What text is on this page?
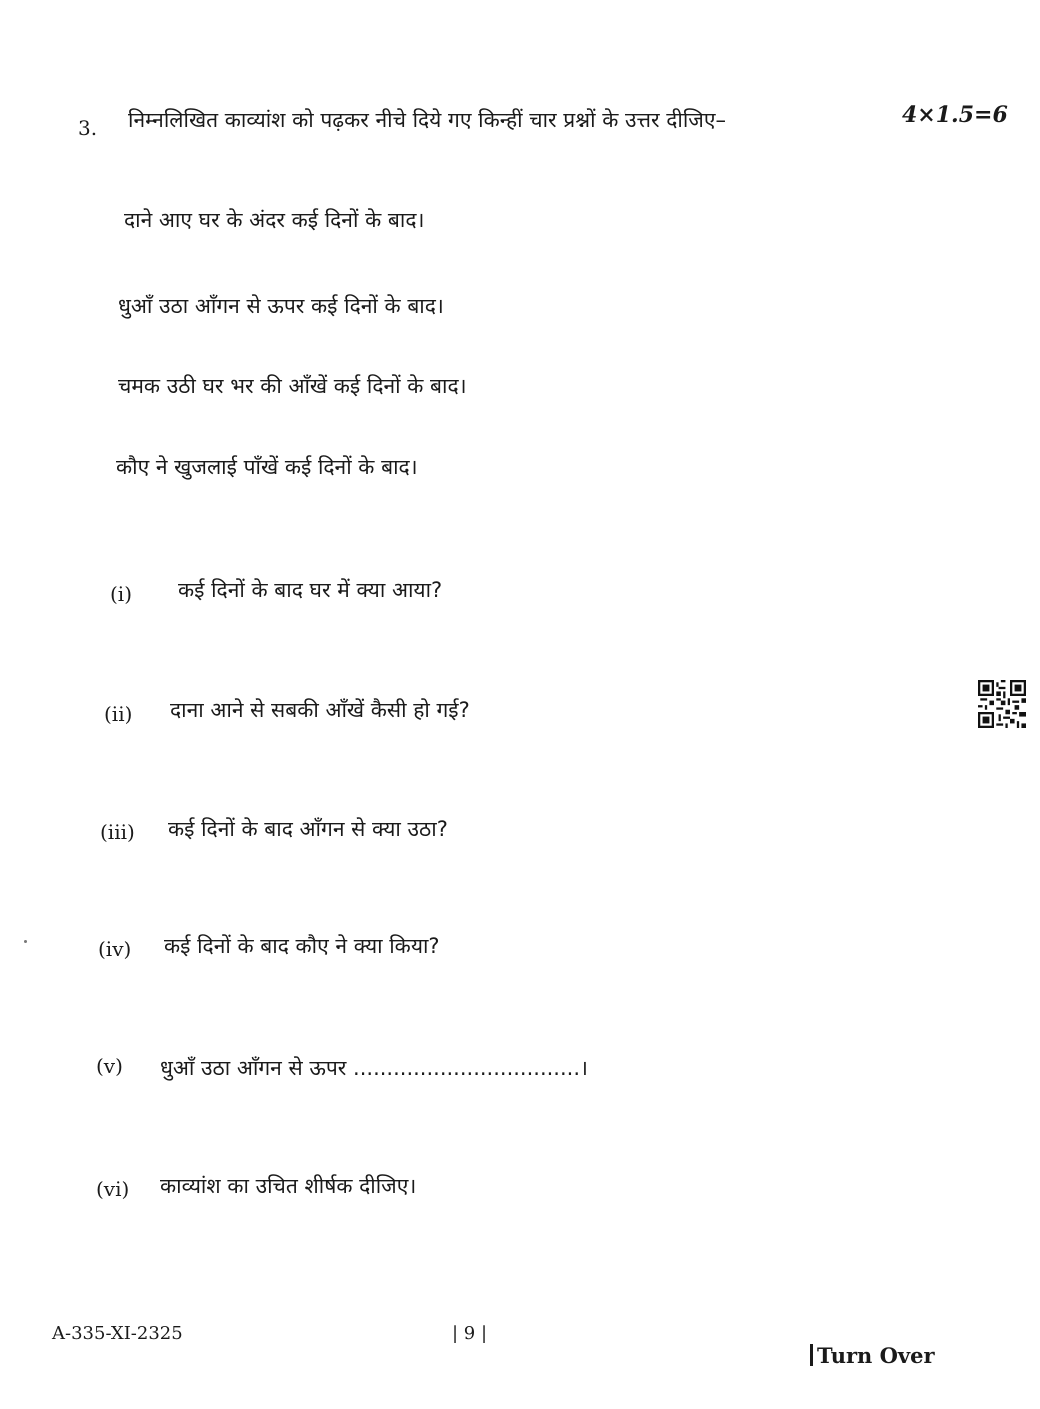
3. निम्नलिखित काव्यांश को पढ़कर नीचे दिये गए किन्हीं चार प्रश्नों के उत्तर दीजिए–	4×1.5=6
दाने आए घर के अंदर कई दिनों के बाद।
धुआँ उठा आँगन से ऊपर कई दिनों के बाद।
चमक उठी घर भर की आँखें कई दिनों के बाद।
कौए ने खुजलाई पाँखें कई दिनों के बाद।
(i) कई दिनों के बाद घर में क्या आया?
(ii) दाना आने से सबकी आँखें कैसी हो गई?
(iii) कई दिनों के बाद आँगन से क्या उठा?
(iv) कई दिनों के बाद कौए ने क्या किया?
(v) धुआँ उठा आँगन से ऊपर ..................................।
(vi) काव्यांश का उचित शीर्षक दीजिए।
A-335-XI-2325	| 9 |
Turn Over
